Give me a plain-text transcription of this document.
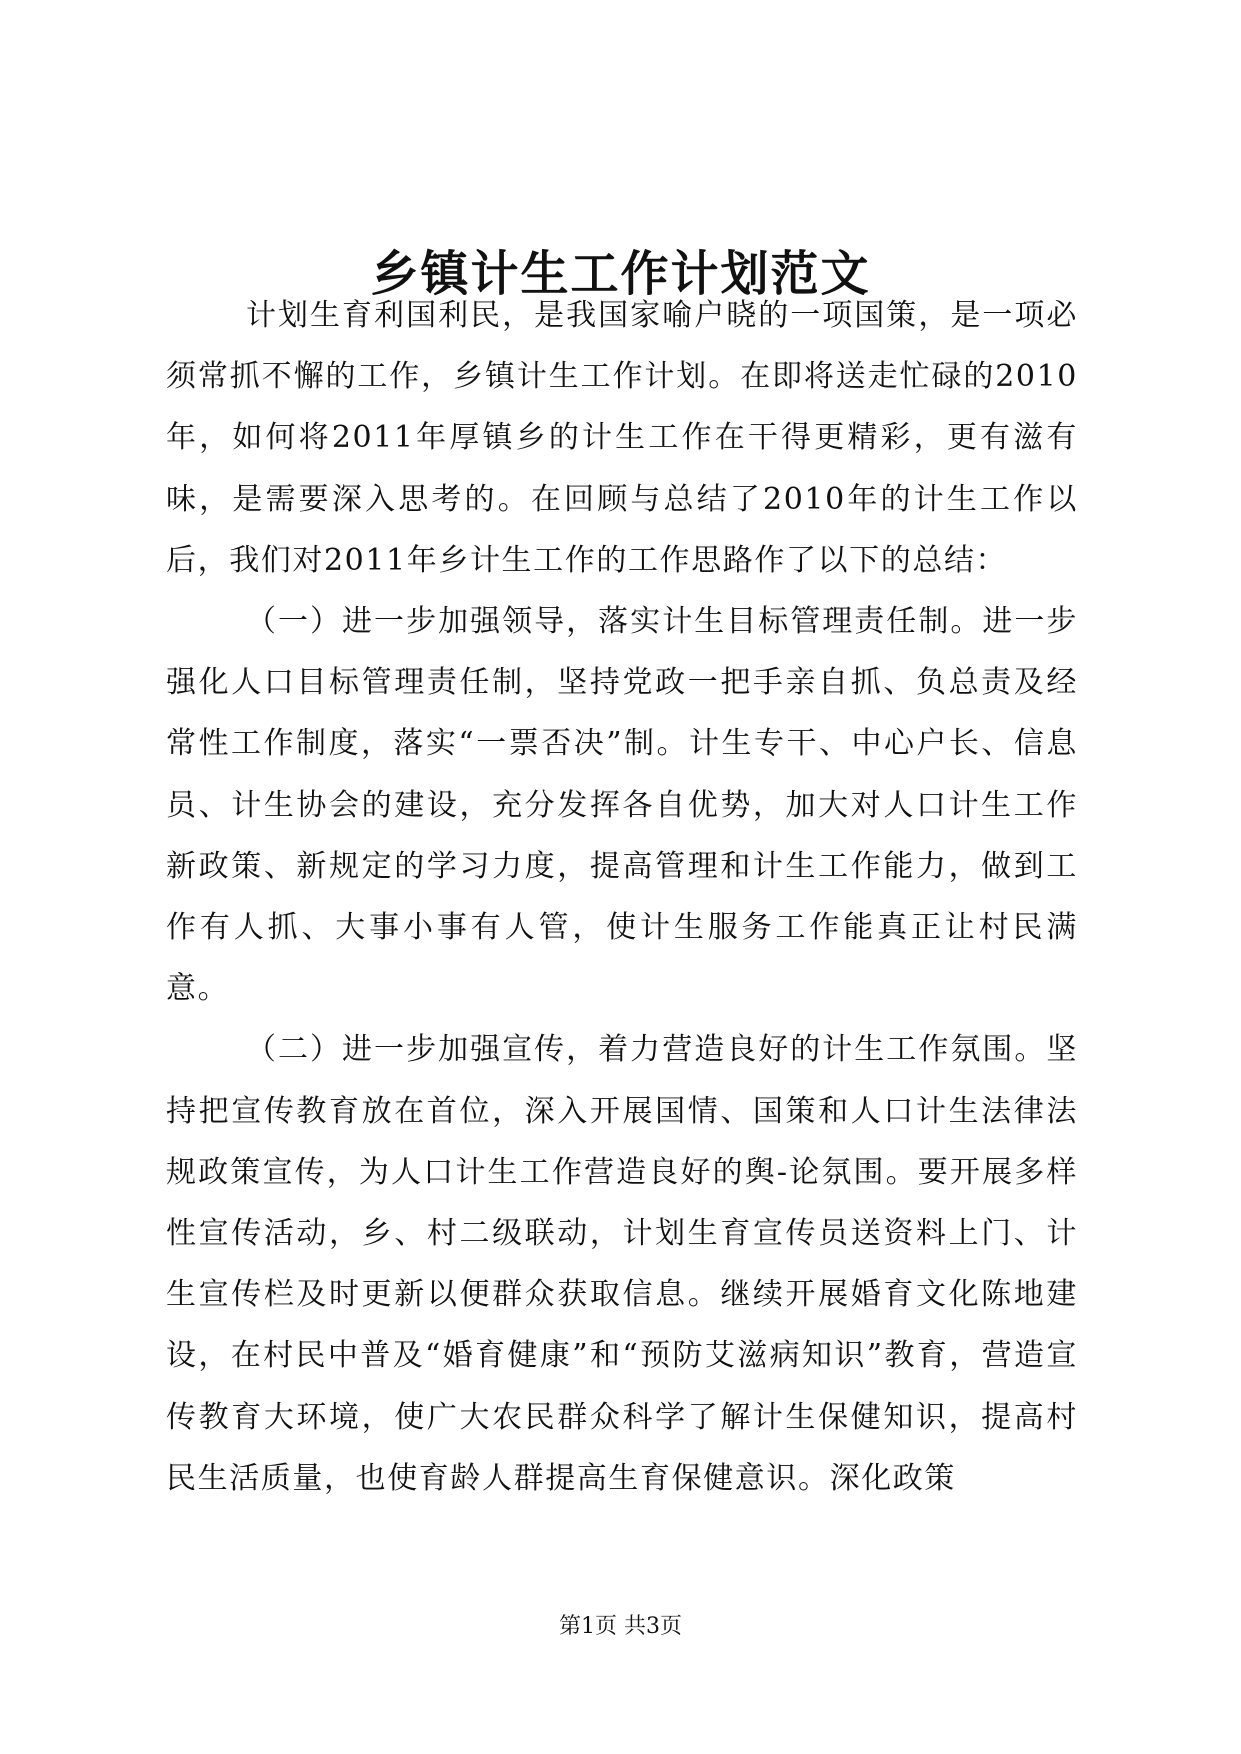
乡镇计生工作计划范文

计划生育利国利民，是我国家喻户晓的一项国策，是一项必须常抓不懈的工作，乡镇计生工作计划。在即将送走忙碌的2010年，如何将2011年厚镇乡的计生工作在干得更精彩，更有滋有味，是需要深入思考的。在回顾与总结了2010年的计生工作以后，我们对2011年乡计生工作的工作思路作了以下的总结：

（一）进一步加强领导，落实计生目标管理责任制。进一步强化人口目标管理责任制，坚持党政一把手亲自抓、负总责及经常性工作制度，落实“一票否决”制。计生专干、中心户长、信息员、计生协会的建设，充分发挥各自优势，加大对人口计生工作新政策、新规定的学习力度，提高管理和计生工作能力，做到工作有人抓、大事小事有人管，使计生服务工作能真正让村民满意。

（二）进一步加强宣传，着力营造良好的计生工作氛围。坚持把宣传教育放在首位，深入开展国情、国策和人口计生法律法规政策宣传，为人口计生工作营造良好的舆-论氛围。要开展多样性宣传活动，乡、村二级联动，计划生育宣传员送资料上门、计生宣传栏及时更新以便群众获取信息。继续开展婚育文化陈地建设，在村民中普及“婚育健康”和“预防艾滋病知识”教育，营造宣传教育大环境，使广大农民群众科学了解计生保健知识，提高村民生活质量，也使育龄人群提高生育保健意识。深化政策

第1页 共3页
